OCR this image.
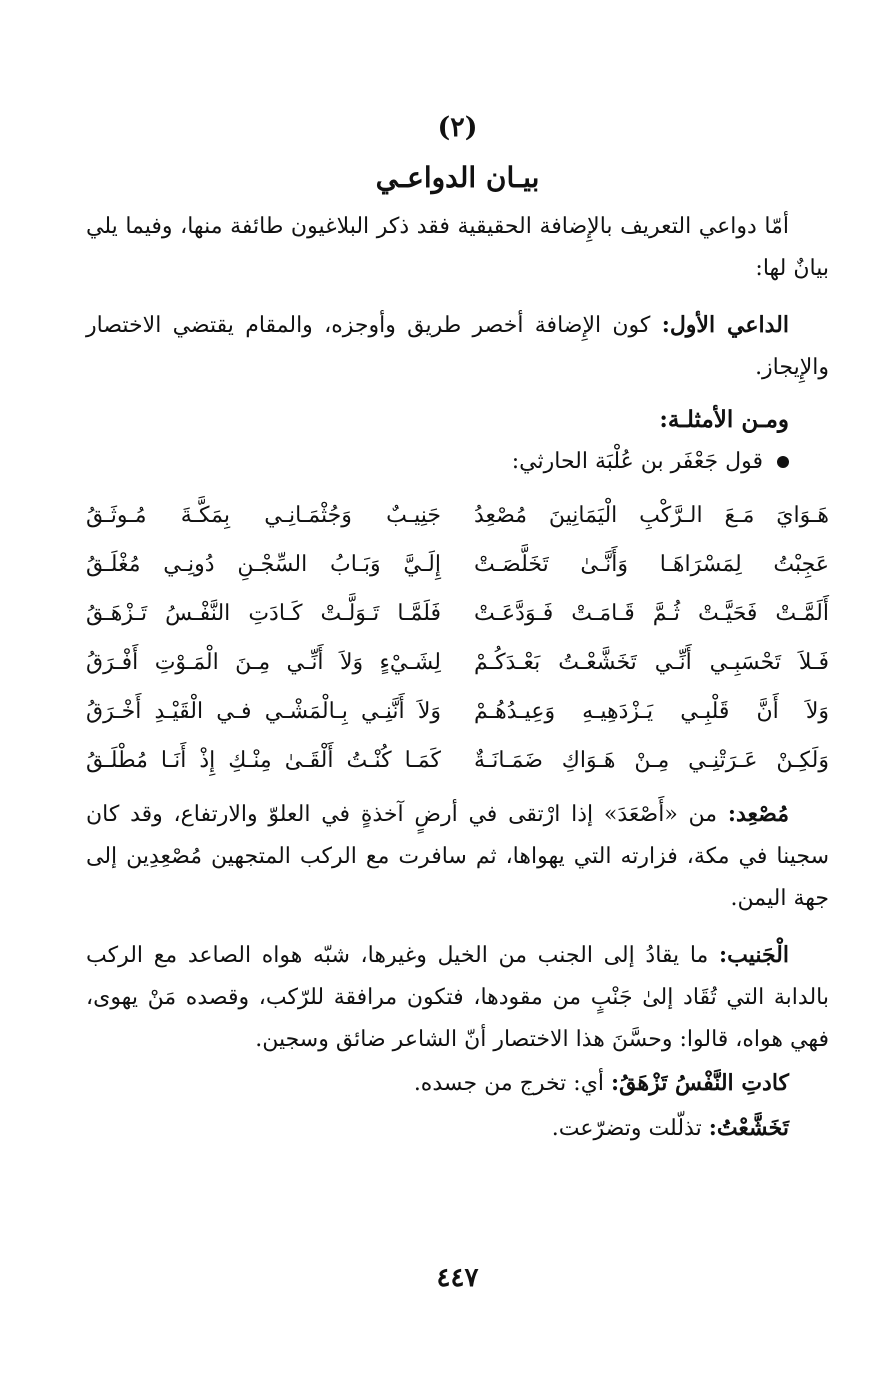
(٢)
بيـان الدواعـي

أمّا دواعي التعريف بالإِضافة الحقيقية فقد ذكر البلاغيون طائفة منها، وفيما يلي بيانٌ لها:

الداعي الأول: كون الإِضافة أخصر طريق وأوجزه، والمقام يقتضي الاختصار والإِيجاز.

ومـن الأمثلـة:
قول جَعْفَر بن عُلْبَة الحارثي:
هَـوَايَ مَـعَ الـرَّكْبِ الْيَمَانِينَ مُصْعِدُ
جَنِيـبٌ وَجُثْمَـانِـي بِمَكَّـةَ مُـوثَـقُ
عَجِبْتُ لِمَسْرَاهَـا وَأَنَّـىٰ تَخَلَّصَـتْ
إِلَـيَّ وَبَـابُ السِّجْـنِ دُونِـي مُغْلَـقُ
أَلَمَّـتْ فَحَيَّـتْ ثُـمَّ قَـامَـتْ فَـوَدَّعَـتْ
فَلَمَّـا تَـوَلَّـتْ كَـادَتِ النَّفْـسُ تَـزْهَـقُ
فَـلاَ تَحْسَبِـي أَنِّـي تَخَشَّعْـتُ بَعْـدَكُـمْ
لِشَـيْءٍ وَلاَ أَنِّـي مِـنَ الْمَـوْتِ أَفْـرَقُ
وَلاَ أَنَّ قَلْبِـي يَـزْدَهِيـهِ وَعِيـدُهُـمْ
وَلاَ أَنَّنِـي بِـالْمَشْـي فـي الْقَيْـدِ أَخْـرَقُ
وَلَكِـنْ عَـرَتْنِـي مِـنْ هَـوَاكِ ضَمَـانَـةٌ
كَمَـا كُنْـتُ أَلْقَـىٰ مِنْـكِ إِذْ أَنَـا مُطْلَـقُ

مُصْعِد: من «أَصْعَدَ» إذا ارْتقى في أرضٍ آخذةٍ في العلوّ والارتفاع، وقد كان سجينا في مكة، فزارته التي يهواها، ثم سافرت مع الركب المتجهين مُصْعِدِين إلى جهة اليمن.

الْجَنيب: ما يقادُ إلى الجنب من الخيل وغيرها، شبّه هواه الصاعد مع الركب بالدابة التي تُقَاد إلىٰ جَنْبٍ من مقودها، فتكون مرافقة للرّكب، وقصده مَنْ يهوى، فهي هواه، قالوا: وحسَّنَ هذا الاختصار أنّ الشاعر ضائق وسجين.

كادتِ النَّفْسُ تَزْهَقُ: أي: تخرج من جسده.
تَخَشَّعْتُ: تذلّلت وتضرّعت.
٤٤٧
